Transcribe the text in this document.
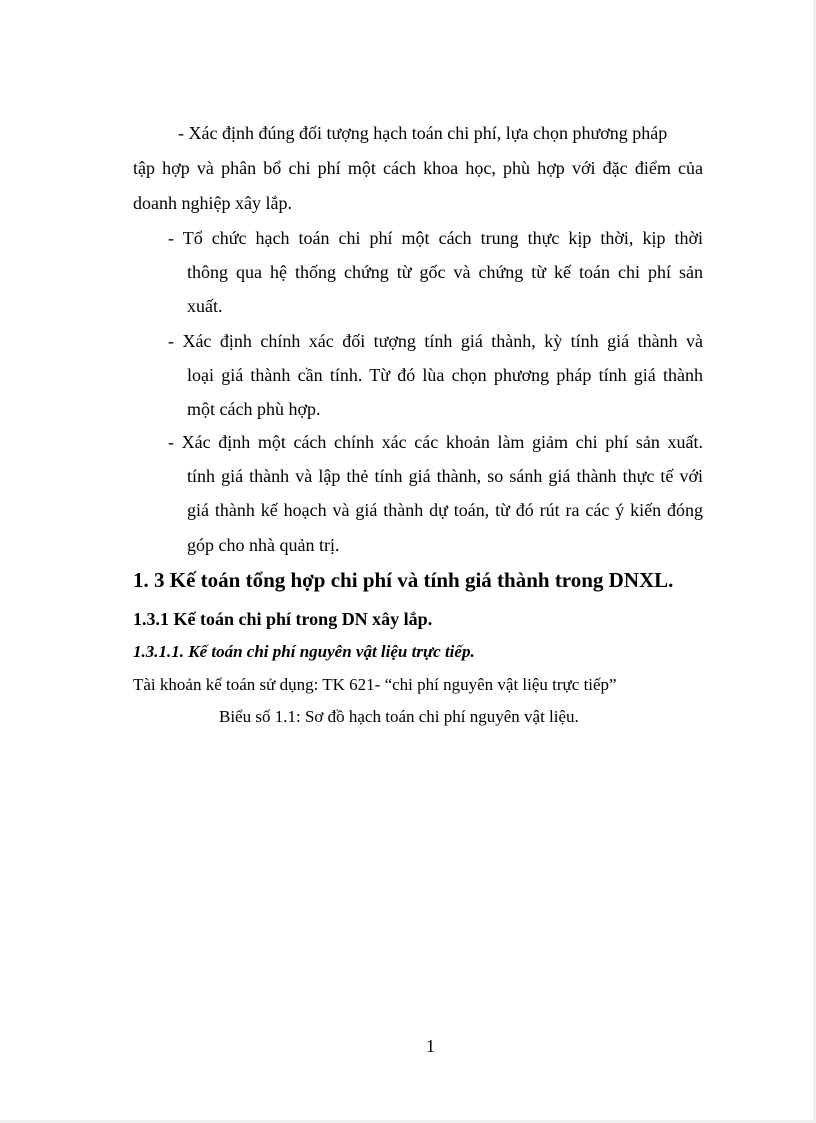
- Xác định đúng đối tượng hạch toán chi phí, lựa chọn phương pháp
tập hợp và phân bổ chi phí một cách khoa học, phù hợp với đặc điểm của
doanh nghiệp xây lắp.
- Tổ chức hạch toán chi phí một cách trung thực kịp thời, kịp thời
thông qua hệ thống chứng từ gốc và chứng từ kế toán chi phí sản
xuất.
- Xác định chính xác đối tượng tính giá thành, kỳ tính giá thành và
loại giá thành cần tính. Từ đó lùa chọn phương pháp tính giá thành
một cách phù hợp.
- Xác định một cách chính xác các khoản làm giảm chi phí sản xuất.
tính giá thành và lập thẻ tính giá thành, so sánh giá thành thực tế với
giá thành kế hoạch và giá thành dự toán, từ đó rút ra các ý kiến đóng
góp cho nhà quản trị.
1. 3 Kế toán tổng hợp chi phí và tính giá thành trong DNXL.
1.3.1 Kế toán chi phí trong DN xây lắp.
1.3.1.1. Kế toán chi phí nguyên vật liệu trực tiếp.
Tài khoản kế toán sử dụng: TK 621- “chi phí nguyên vật liệu trực tiếp”
Biểu số 1.1: Sơ đồ hạch toán chi phí nguyên vật liệu.
1
